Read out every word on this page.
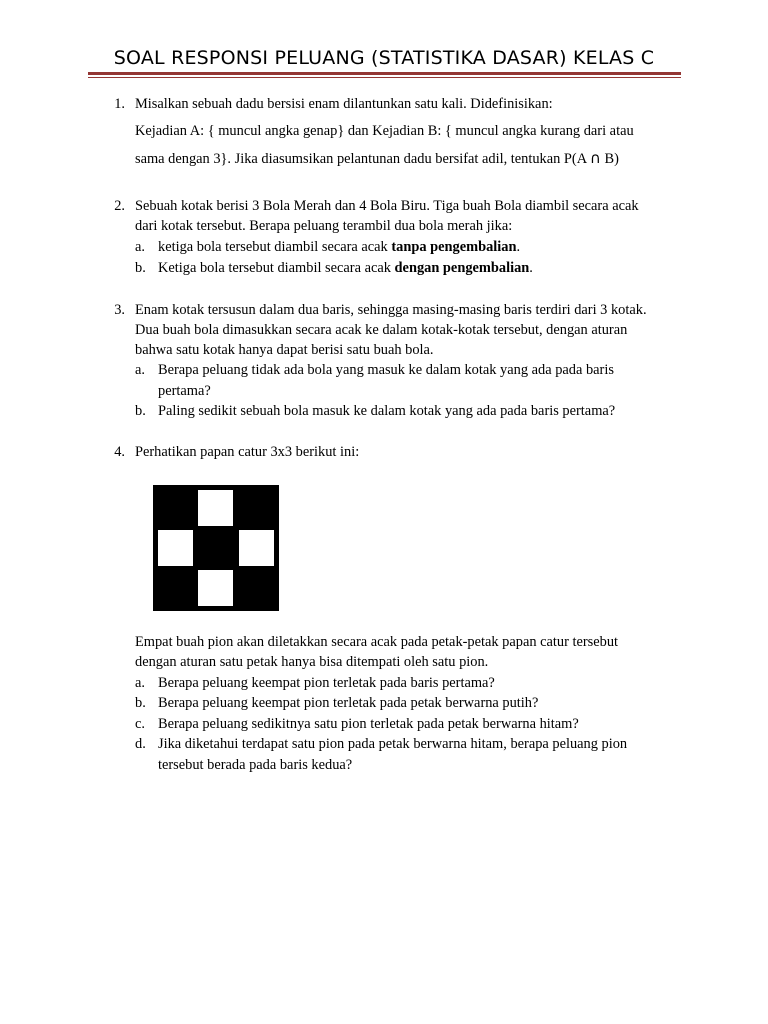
SOAL RESPONSI PELUANG (STATISTIKA DASAR) KELAS C
1. Misalkan sebuah dadu bersisi enam dilantunkan satu kali. Didefinisikan:
Kejadian A: { muncul angka genap} dan Kejadian B: { muncul angka kurang dari atau
sama dengan 3}. Jika diasumsikan pelantunan dadu bersifat adil, tentukan P(A ∩ B)
2. Sebuah kotak berisi 3 Bola Merah dan 4 Bola Biru. Tiga buah Bola diambil secara acak
dari kotak tersebut. Berapa peluang terambil dua bola merah jika:
a. ketiga bola tersebut diambil secara acak tanpa pengembalian.
b. Ketiga bola tersebut diambil secara acak dengan pengembalian.
3. Enam kotak tersusun dalam dua baris, sehingga masing-masing baris terdiri dari 3 kotak.
Dua buah bola dimasukkan secara acak ke dalam kotak-kotak tersebut, dengan aturan
bahwa satu kotak hanya dapat berisi satu buah bola.
a. Berapa peluang tidak ada bola yang masuk ke dalam kotak yang ada pada baris
pertama?
b. Paling sedikit sebuah bola masuk ke dalam kotak yang ada pada baris pertama?
4. Perhatikan papan catur 3x3 berikut ini:
Empat buah pion akan diletakkan secara acak pada petak-petak papan catur tersebut
dengan aturan satu petak hanya bisa ditempati oleh satu pion.
a. Berapa peluang keempat pion terletak pada baris pertama?
b. Berapa peluang keempat pion terletak pada petak berwarna putih?
c. Berapa peluang sedikitnya satu pion terletak pada petak berwarna hitam?
d. Jika diketahui terdapat satu pion pada petak berwarna hitam, berapa peluang pion
tersebut berada pada baris kedua?
